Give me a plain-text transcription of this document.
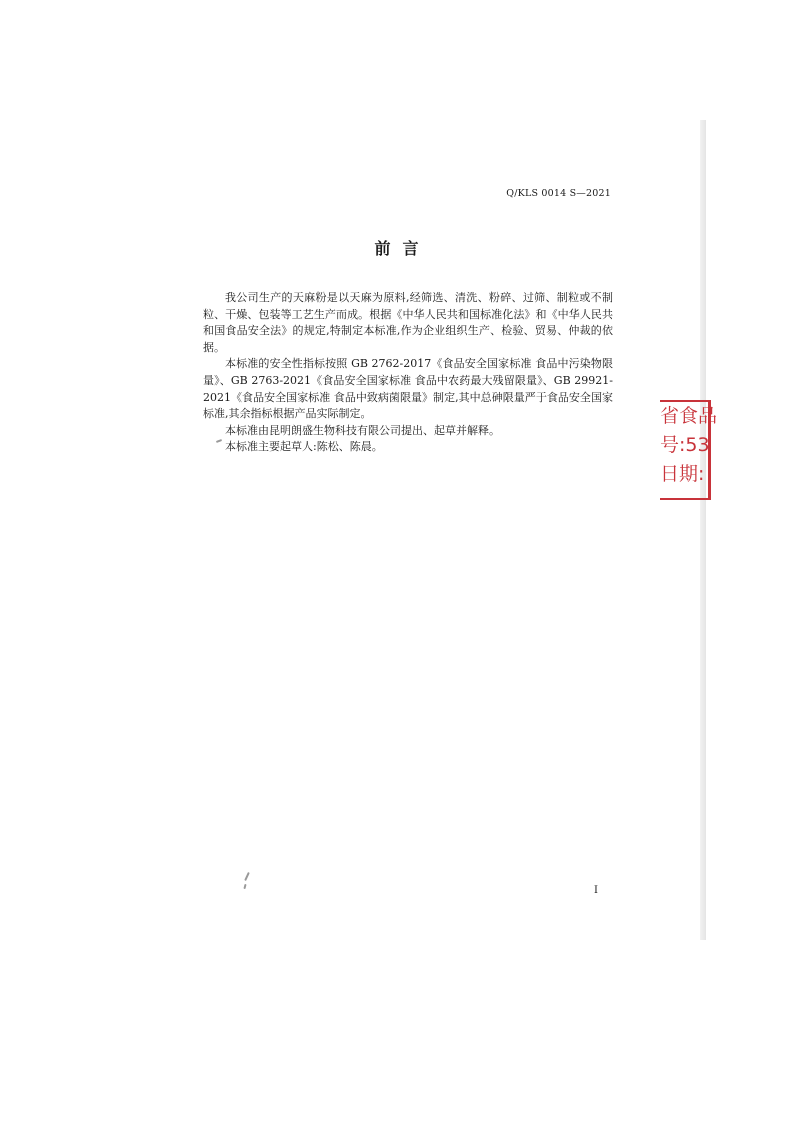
Q/KLS 0014 S—2021
前言

我公司生产的天麻粉是以天麻为原料,经筛选、清洗、粉碎、过筛、制粒或不制粒、干燥、包装等工艺生产而成。根据《中华人民共和国标准化法》和《中华人民共和国食品安全法》的规定,特制定本标准,作为企业组织生产、检验、贸易、仲裁的依据。

本标准的安全性指标按照 GB 2762-2017《食品安全国家标准 食品中污染物限量》、GB 2763-2021《食品安全国家标准 食品中农药最大残留限量》、GB 29921-2021《食品安全国家标准 食品中致病菌限量》制定,其中总砷限量严于食品安全国家标准,其余指标根据产品实际制定。

本标准由昆明朗盛生物科技有限公司提出、起草并解释。

本标准主要起草人:陈松、陈晨。

省食品
号:53
日期:
I
